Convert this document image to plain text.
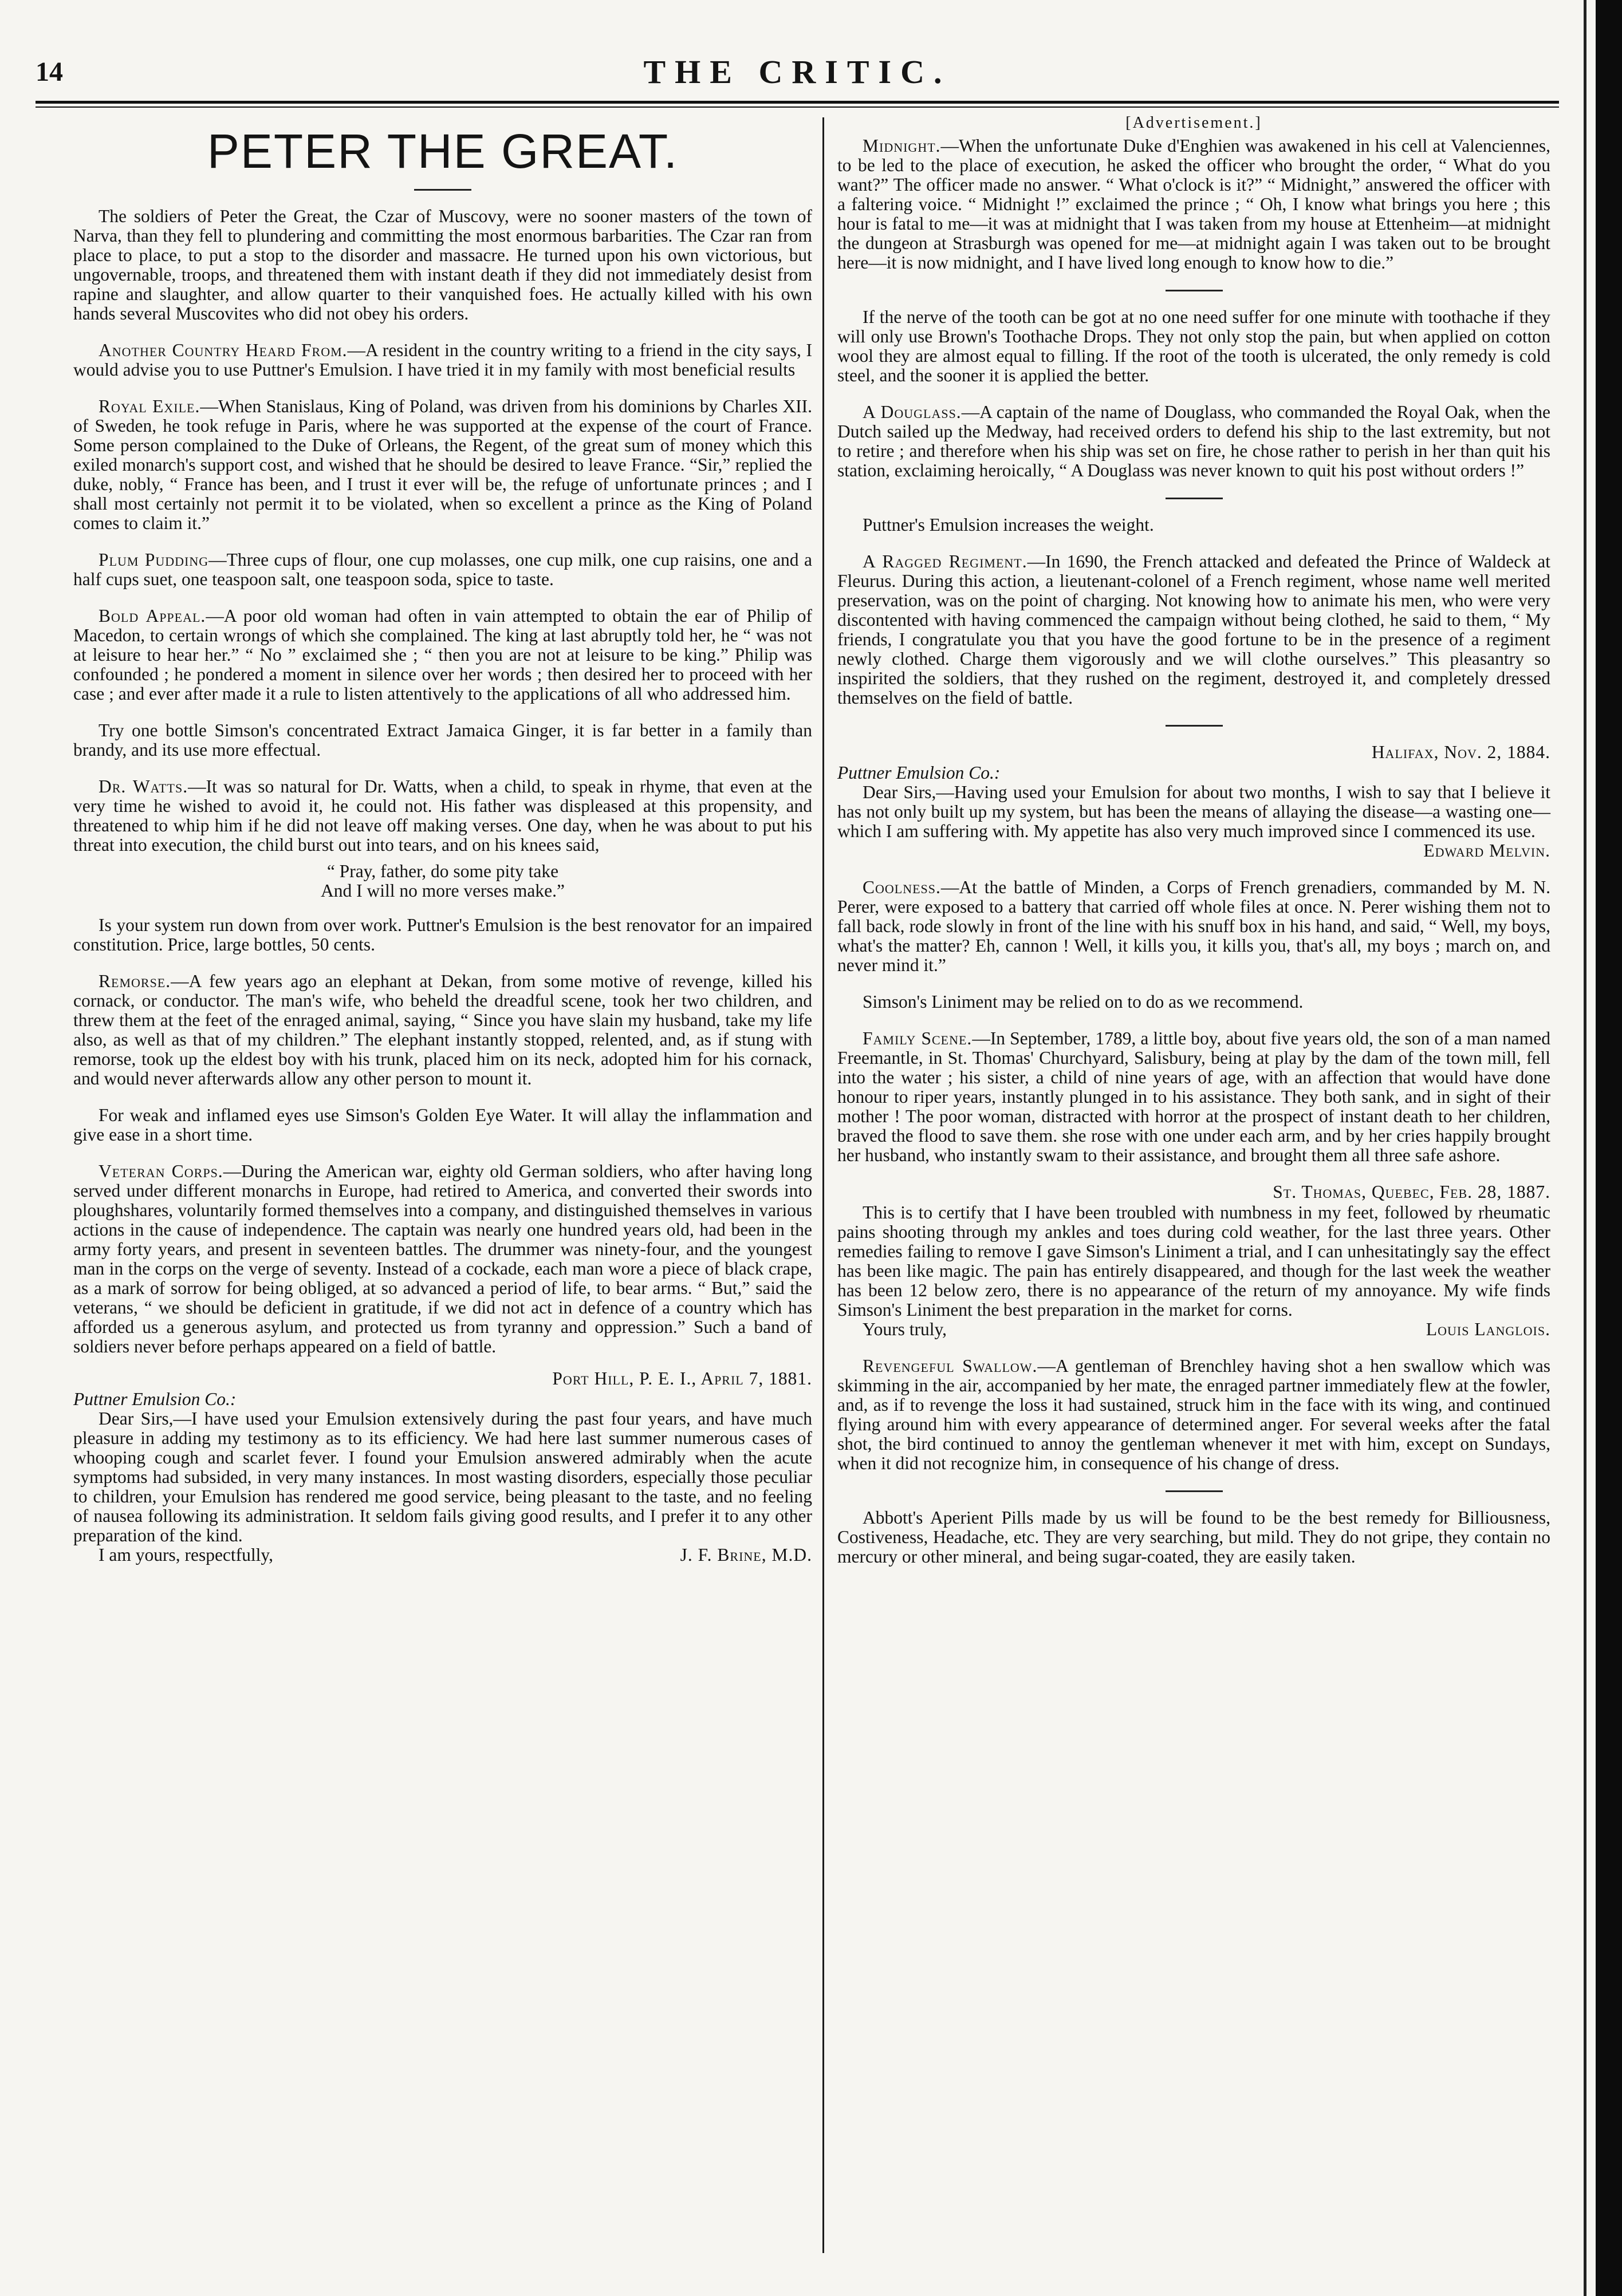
14	THE CRITIC.
PETER THE GREAT.

The soldiers of Peter the Great, the Czar of Muscovy, were no sooner masters of the town of Narva, than they fell to plundering and committing the most enormous barbarities. The Czar ran from place to place, to put a stop to the disorder and massacre. He turned upon his own victorious, but ungovernable, troops, and threatened them with instant death if they did not immediately desist from rapine and slaughter, and allow quarter to their vanquished foes. He actually killed with his own hands several Muscovites who did not obey his orders.

Another Country Heard From.—A resident in the country writing to a friend in the city says, I would advise you to use Puttner's Emulsion. I have tried it in my family with most beneficial results

Royal Exile.—When Stanislaus, King of Poland, was driven from his dominions by Charles XII. of Sweden, he took refuge in Paris, where he was supported at the expense of the court of France. Some person complained to the Duke of Orleans, the Regent, of the great sum of money which this exiled monarch's support cost, and wished that he should be desired to leave France. “Sir,” replied the duke, nobly, “ France has been, and I trust it ever will be, the refuge of unfortunate princes ; and I shall most certainly not permit it to be violated, when so excellent a prince as the King of Poland comes to claim it.”

Plum Pudding—Three cups of flour, one cup molasses, one cup milk, one cup raisins, one and a half cups suet, one teaspoon salt, one teaspoon soda, spice to taste.

Bold Appeal.—A poor old woman had often in vain attempted to obtain the ear of Philip of Macedon, to certain wrongs of which she complained. The king at last abruptly told her, he “ was not at leisure to hear her.” “ No ” exclaimed she ; “ then you are not at leisure to be king.” Philip was confounded ; he pondered a moment in silence over her words ; then desired her to proceed with her case ; and ever after made it a rule to listen attentively to the applications of all who addressed him.

Try one bottle Simson's concentrated Extract Jamaica Ginger, it is far better in a family than brandy, and its use more effectual.

Dr. Watts.—It was so natural for Dr. Watts, when a child, to speak in rhyme, that even at the very time he wished to avoid it, he could not. His father was displeased at this propensity, and threatened to whip him if he did not leave off making verses. One day, when he was about to put his threat into execution, the child burst out into tears, and on his knees said,

“ Pray, father, do some pity take
And I will no more verses make.”

Is your system run down from over work. Puttner's Emulsion is the best renovator for an impaired constitution. Price, large bottles, 50 cents.

Remorse.—A few years ago an elephant at Dekan, from some motive of revenge, killed his cornack, or conductor. The man's wife, who beheld the dreadful scene, took her two children, and threw them at the feet of the enraged animal, saying, “ Since you have slain my husband, take my life also, as well as that of my children.” The elephant instantly stopped, relented, and, as if stung with remorse, took up the eldest boy with his trunk, placed him on its neck, adopted him for his cornack, and would never afterwards allow any other person to mount it.

For weak and inflamed eyes use Simson's Golden Eye Water. It will allay the inflammation and give ease in a short time.

Veteran Corps.—During the American war, eighty old German soldiers, who after having long served under different monarchs in Europe, had retired to America, and converted their swords into ploughshares, voluntarily formed themselves into a company, and distinguished themselves in various actions in the cause of independence. The captain was nearly one hundred years old, had been in the army forty years, and present in seventeen battles. The drummer was ninety-four, and the youngest man in the corps on the verge of seventy. Instead of a cockade, each man wore a piece of black crape, as a mark of sorrow for being obliged, at so advanced a period of life, to bear arms. “ But,” said the veterans, “ we should be deficient in gratitude, if we did not act in defence of a country which has afforded us a generous asylum, and protected us from tyranny and oppression.” Such a band of soldiers never before perhaps appeared on a field of battle.

Port Hill, P. E. I., April 7, 1881.

Puttner Emulsion Co.:

Dear Sirs,—I have used your Emulsion extensively during the past four years, and have much pleasure in adding my testimony as to its efficiency. We had here last summer numerous cases of whooping cough and scarlet fever. I found your Emulsion answered admirably when the acute symptoms had subsided, in very many instances. In most wasting disorders, especially those peculiar to children, your Emulsion has rendered me good service, being pleasant to the taste, and no feeling of nausea following its administration. It seldom fails giving good results, and I prefer it to any other preparation of the kind.

I am yours, respectfully,	J. F. Brine, M.D.
[Advertisement.]

Midnight.—When the unfortunate Duke d'Enghien was awakened in his cell at Valenciennes, to be led to the place of execution, he asked the officer who brought the order, “ What do you want?” The officer made no answer. “ What o'clock is it?” “ Midnight,” answered the officer with a faltering voice. “ Midnight !” exclaimed the prince ; “ Oh, I know what brings you here ; this hour is fatal to me—it was at midnight that I was taken from my house at Ettenheim—at midnight the dungeon at Strasburgh was opened for me—at midnight again I was taken out to be brought here—it is now midnight, and I have lived long enough to know how to die.”

If the nerve of the tooth can be got at no one need suffer for one minute with toothache if they will only use Brown's Toothache Drops. They not only stop the pain, but when applied on cotton wool they are almost equal to filling. If the root of the tooth is ulcerated, the only remedy is cold steel, and the sooner it is applied the better.

A Douglass.—A captain of the name of Douglass, who commanded the Royal Oak, when the Dutch sailed up the Medway, had received orders to defend his ship to the last extremity, but not to retire ; and therefore when his ship was set on fire, he chose rather to perish in her than quit his station, exclaiming heroically, “ A Douglass was never known to quit his post without orders !”

Puttner's Emulsion increases the weight.

A Ragged Regiment.—In 1690, the French attacked and defeated the Prince of Waldeck at Fleurus. During this action, a lieutenant-colonel of a French regiment, whose name well merited preservation, was on the point of charging. Not knowing how to animate his men, who were very discontented with having commenced the campaign without being clothed, he said to them, “ My friends, I congratulate you that you have the good fortune to be in the presence of a regiment newly clothed. Charge them vigorously and we will clothe ourselves.” This pleasantry so inspirited the soldiers, that they rushed on the regiment, destroyed it, and completely dressed themselves on the field of battle.

Halifax, Nov. 2, 1884.

Puttner Emulsion Co.:

Dear Sirs,—Having used your Emulsion for about two months, I wish to say that I believe it has not only built up my system, but has been the means of allaying the disease—a wasting one—which I am suffering with. My appetite has also very much improved since I commenced its use.

Edward Melvin.

Coolness.—At the battle of Minden, a Corps of French grenadiers, commanded by M. N. Perer, were exposed to a battery that carried off whole files at once. N. Perer wishing them not to fall back, rode slowly in front of the line with his snuff box in his hand, and said, “ Well, my boys, what's the matter? Eh, cannon ! Well, it kills you, it kills you, that's all, my boys ; march on, and never mind it.”

Simson's Liniment may be relied on to do as we recommend.

Family Scene.—In September, 1789, a little boy, about five years old, the son of a man named Freemantle, in St. Thomas' Churchyard, Salisbury, being at play by the dam of the town mill, fell into the water ; his sister, a child of nine years of age, with an affection that would have done honour to riper years, instantly plunged in to his assistance. They both sank, and in sight of their mother ! The poor woman, distracted with horror at the prospect of instant death to her children, braved the flood to save them. she rose with one under each arm, and by her cries happily brought her husband, who instantly swam to their assistance, and brought them all three safe ashore.

St. Thomas, Quebec, Feb. 28, 1887.

This is to certify that I have been troubled with numbness in my feet, followed by rheumatic pains shooting through my ankles and toes during cold weather, for the last three years. Other remedies failing to remove I gave Simson's Liniment a trial, and I can unhesitatingly say the effect has been like magic. The pain has entirely disappeared, and though for the last week the weather has been 12 below zero, there is no appearance of the return of my annoyance. My wife finds Simson's Liniment the best preparation in the market for corns.

Yours truly,	Louis Langlois.

Revengeful Swallow.—A gentleman of Brenchley having shot a hen swallow which was skimming in the air, accompanied by her mate, the enraged partner immediately flew at the fowler, and, as if to revenge the loss it had sustained, struck him in the face with its wing, and continued flying around him with every appearance of determined anger. For several weeks after the fatal shot, the bird continued to annoy the gentleman whenever it met with him, except on Sundays, when it did not recognize him, in consequence of his change of dress.

Abbott's Aperient Pills made by us will be found to be the best remedy for Billiousness, Costiveness, Headache, etc. They are very searching, but mild. They do not gripe, they contain no mercury or other mineral, and being sugar-coated, they are easily taken.
